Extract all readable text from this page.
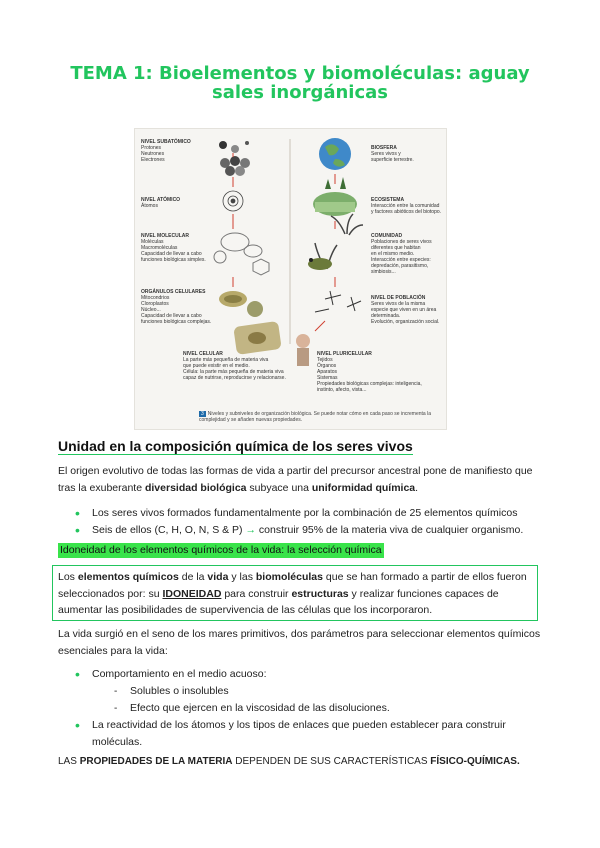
TEMA 1: Bioelementos y biomoléculas: aguay
sales inorgánicas
NIVEL SUBATÓMICO
Protones
Neutrones
Electrones
NIVEL ATÓMICO
Átomos
NIVEL MOLECULAR
Moléculas
Macromoléculas
Capacidad de llevar a cabo
funciones biológicas simples.
ORGÁNULOS CELULARES
Mitocondrios
Cloroplastos
Núcleo...
Capacidad de llevar a cabo
funciones biológicas complejas.
BIOSFERA
Seres vivos y
superficie terrestre.
ECOSISTEMA
Interacción entre la comunidad
y factores abióticos del biotopo.
COMUNIDAD
Poblaciones de seres vivos
diferentes que habitan
en el mismo medio.
Interacción entre especies:
depredación, parasitismo,
simbiosis...
NIVEL DE POBLACIÓN
Seres vivos de la misma
especie que viven en un área
determinada.
Evolución, organización social.
NIVEL CELULAR
La parte más pequeña de materia viva
que puede existir en el medio.
Célula: la parte más pequeña de materia viva
capaz de nutrirse, reproducirse y relacionarse.
NIVEL PLURICELULAR
Tejidos
Órganos
Aparatos
Sistemas
Propiedades biológicas complejas: inteligencia,
instinto, afecto, vista...
3 Niveles y subniveles de organización biológica. Se puede notar cómo en cada paso se incrementa la complejidad y se añaden nuevas propiedades.
Unidad en la composición química de los seres vivos
El origen evolutivo de todas las formas de vida a partir del precursor ancestral pone de manifiesto que tras la exuberante diversidad biológica subyace una uniformidad química.
• Los seres vivos formados fundamentalmente por la combinación de 25 elementos químicos
• Seis de ellos (C, H, O, N, S & P) → construir 95% de la materia viva de cualquier organismo.
Idoneidad de los elementos químicos de la vida: la selección química
Los elementos químicos de la vida y las biomoléculas que se han formado a partir de ellos fueron seleccionados por: su IDONEIDAD para construir estructuras y realizar funciones capaces de aumentar las posibilidades de supervivencia de las células que los incorporaron.
La vida surgió en el seno de los mares primitivos, dos parámetros para seleccionar elementos químicos esenciales para la vida:
• Comportamiento en el medio acuoso:
- Solubles o insolubles
- Efecto que ejercen en la viscosidad de las disoluciones.
• La reactividad de los átomos y los tipos de enlaces que pueden establecer para construir moléculas.
LAS PROPIEDADES DE LA MATERIA DEPENDEN DE SUS CARACTERÍSTICAS FÍSICO-QUÍMICAS.
